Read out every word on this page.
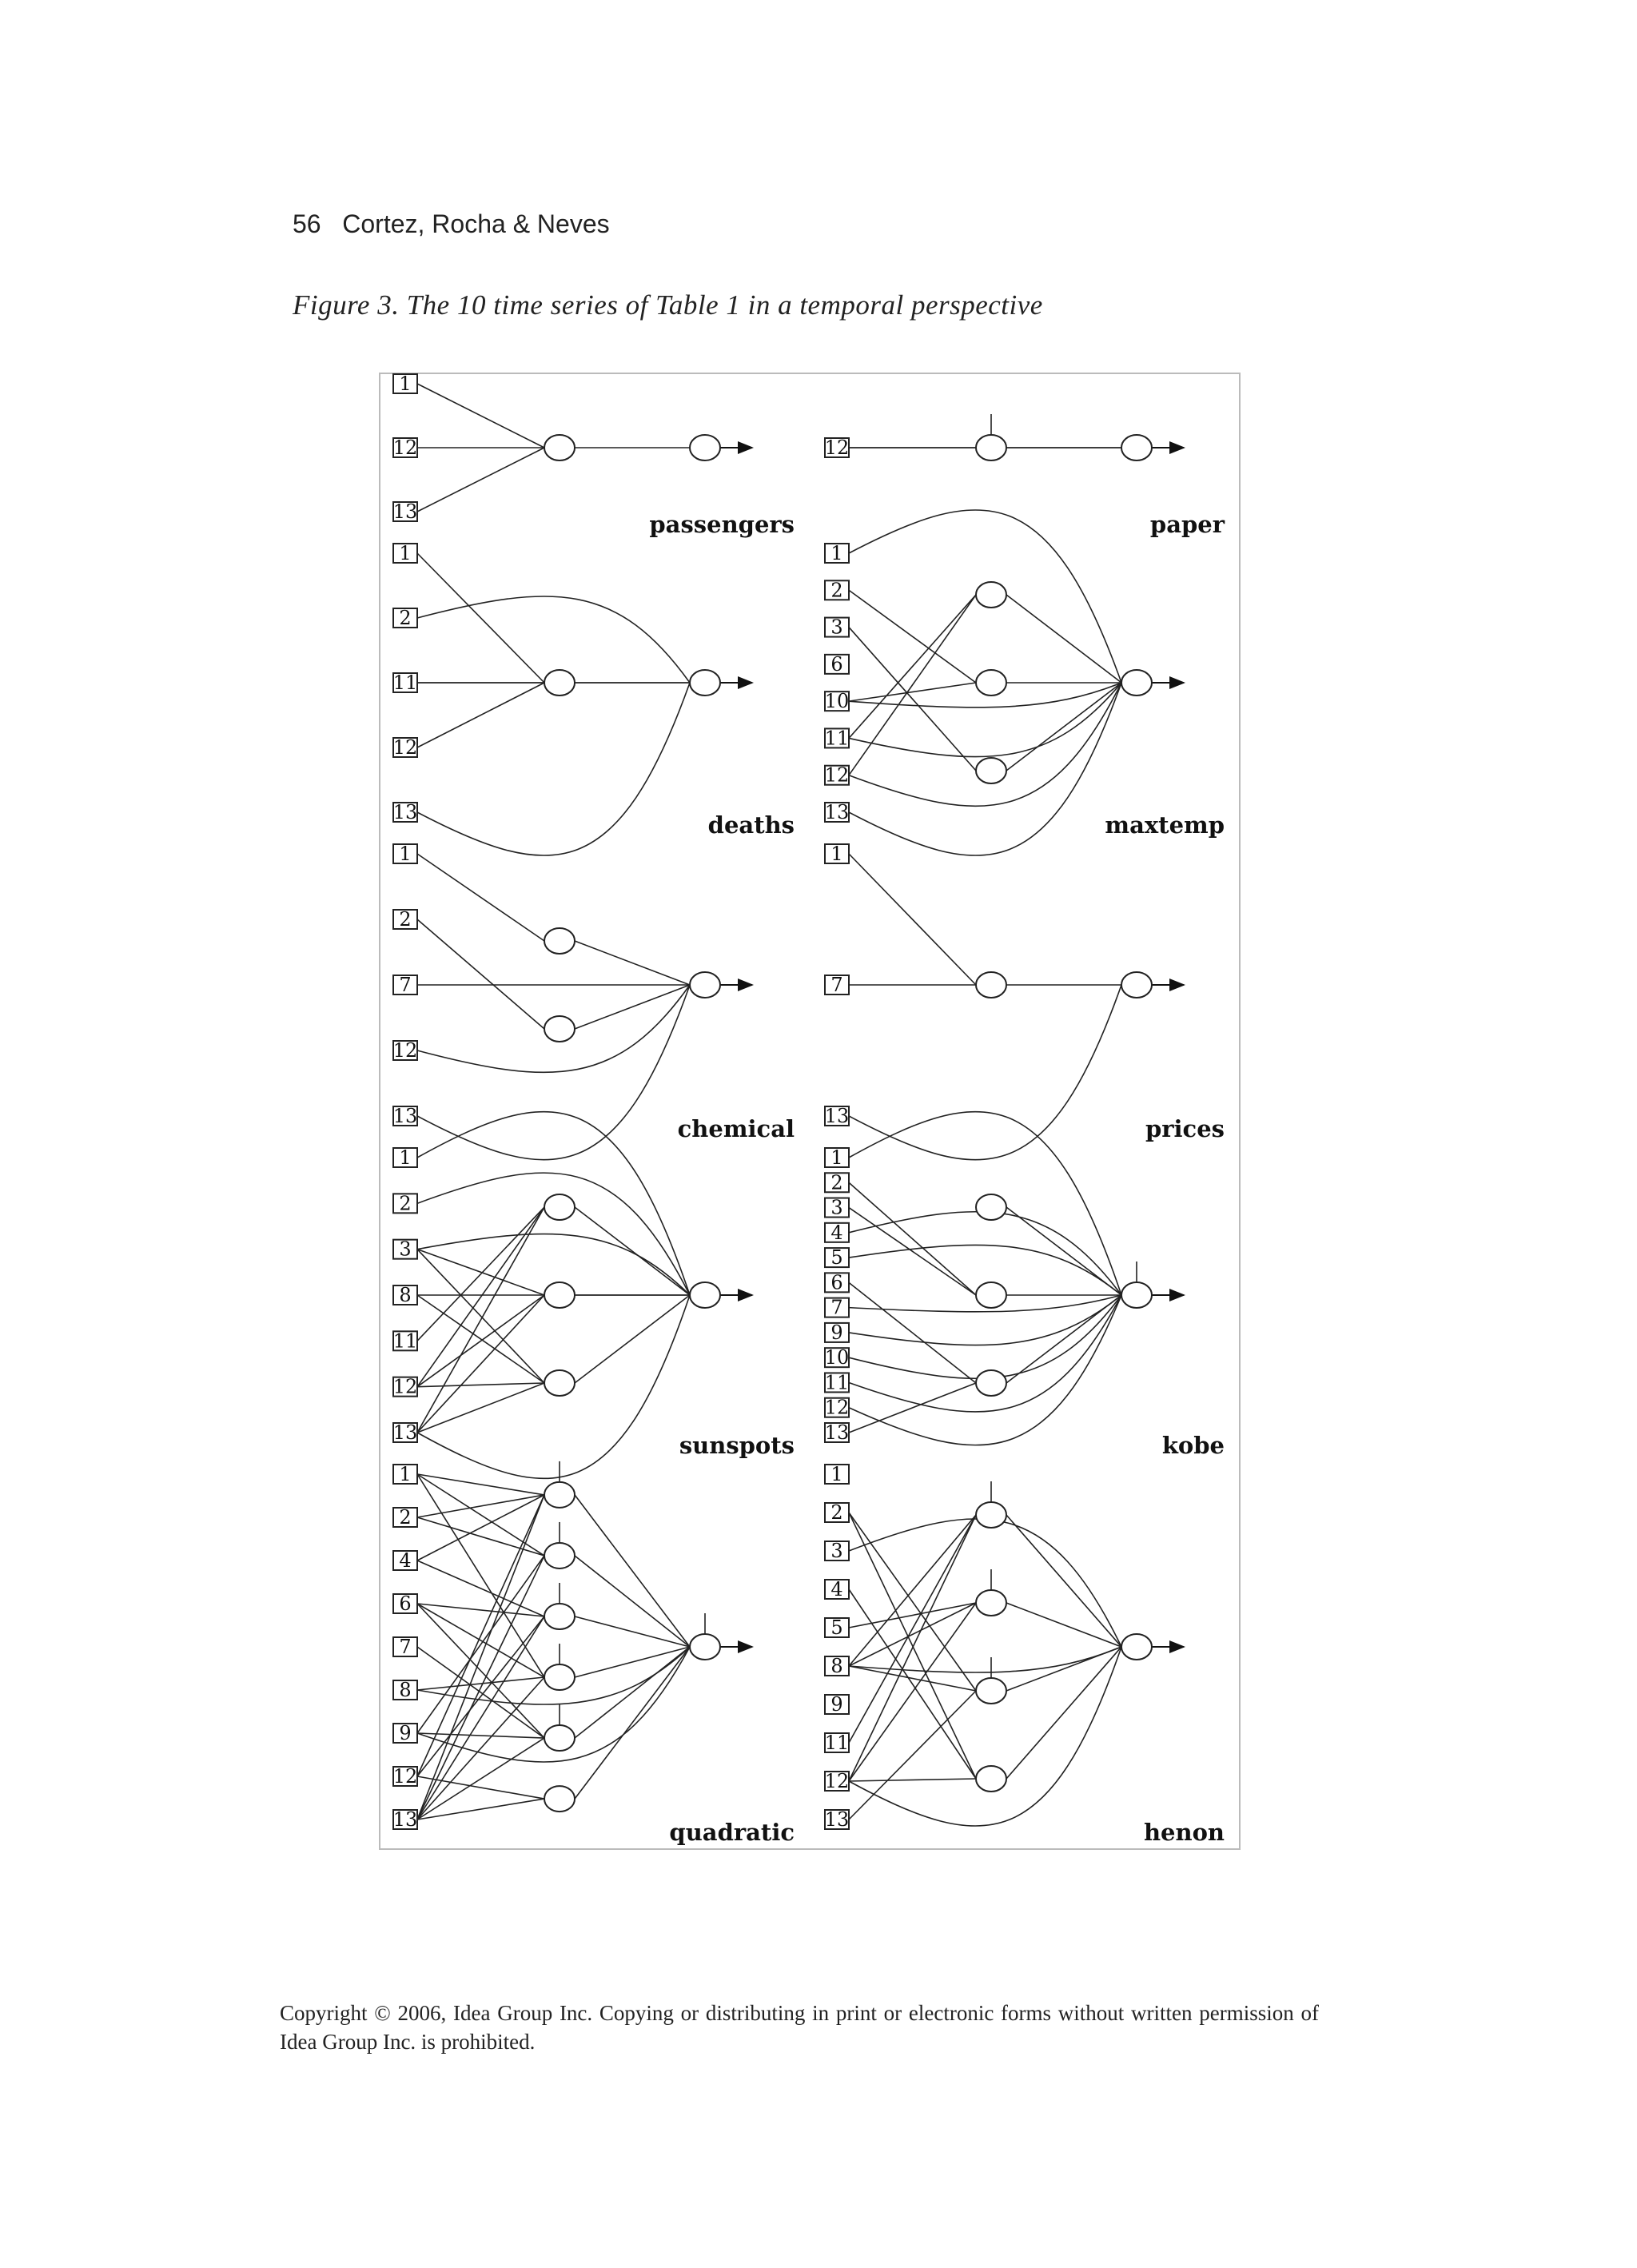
56   Cortez, Rocha & Neves
Figure 3. The 10 time series of Table 1 in a temporal perspective
1
12
13	passengers
12
paper
1
2
11
12
13	deaths
1
2
3
6
10
11
12
13	maxtemp
1
2
7
12
13	chemical
1
7
13	prices
1
2
3
8
11
12
13	sunspots
1
2
3
4
5
6
7
9
10
11
12
13	kobe
1
2
4
6
7
8
9
12
13	quadratic
1
2
3
4
5
8
9
11
12
13	henon
Copyright © 2006, Idea Group Inc. Copying or distributing in print or electronic forms without written permission of Idea Group Inc. is prohibited.
